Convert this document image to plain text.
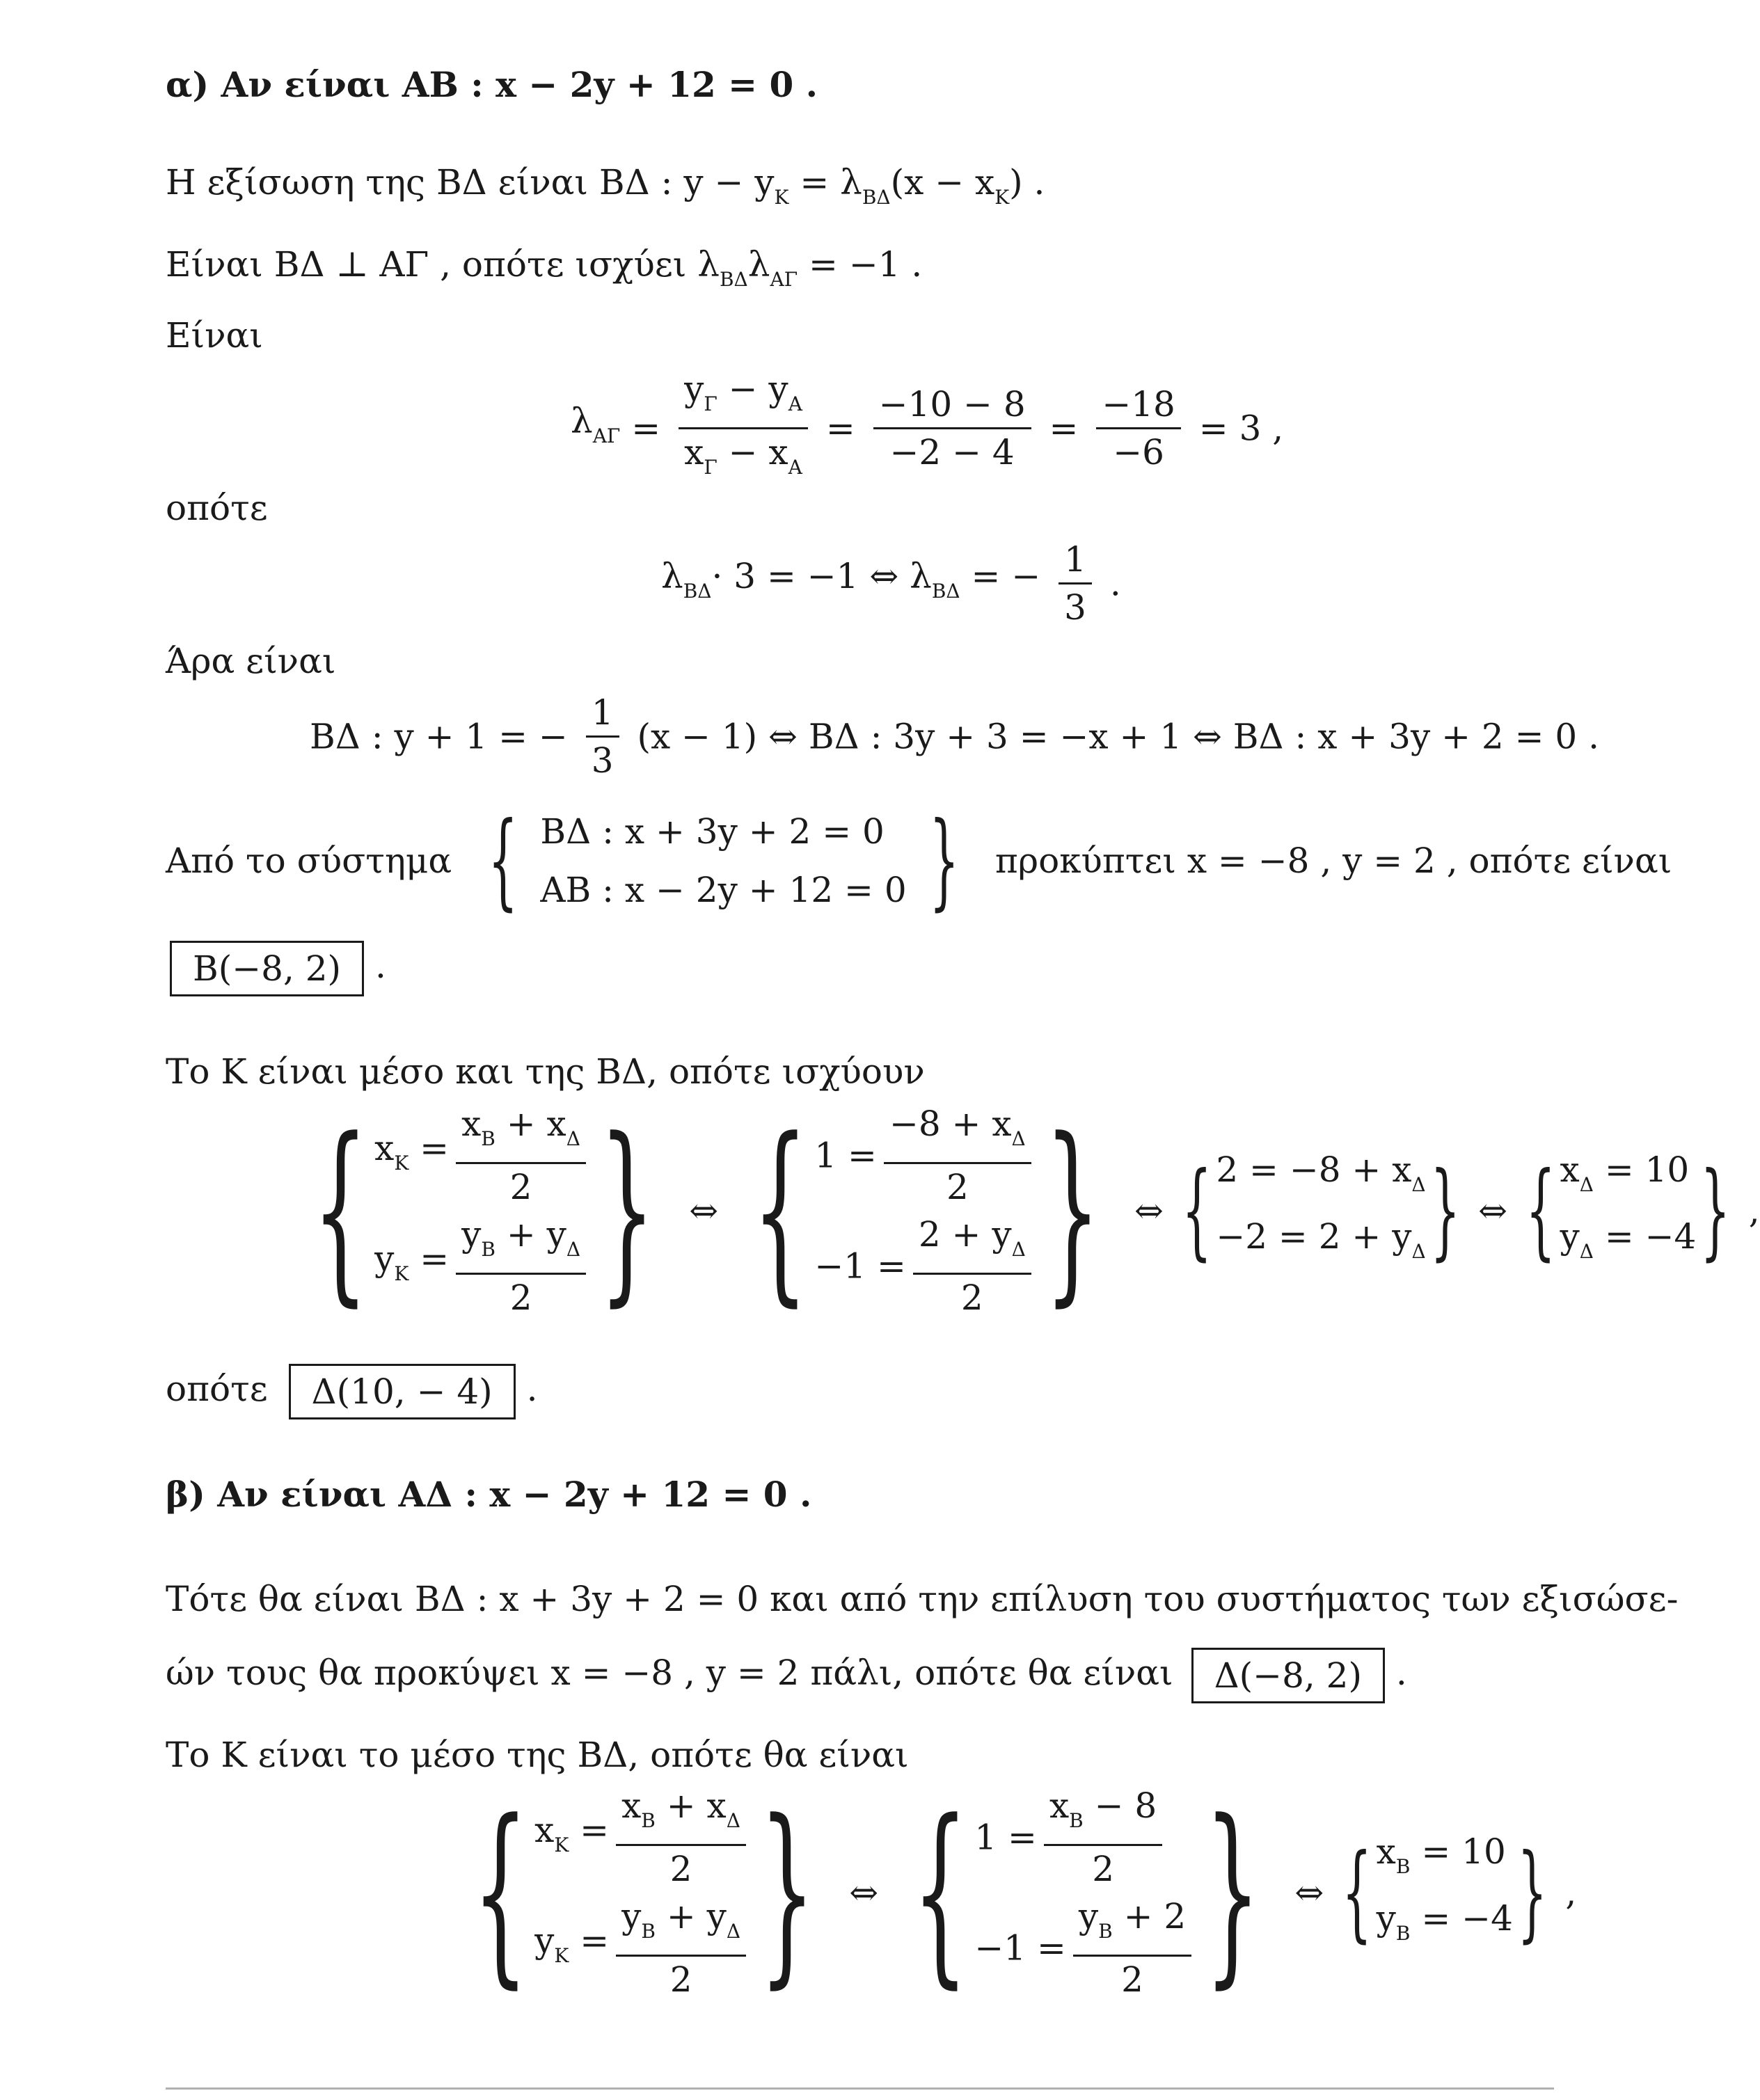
α) Αν είναι AB : x − 2y + 12 = 0 .
Η εξίσωση της ΒΔ είναι ΒΔ : $y - y_K = \lambda_{B\Delta}(x - x_K)$ .
Είναι ΒΔ ⊥ ΑΓ , οπότε ισχύει $\lambda_{B\Delta}\lambda_{A\Gamma} = -1$ .
Είναι
$\lambda_{A\Gamma} = \frac{y_\Gamma - y_A}{x_\Gamma - x_A} = \frac{-10 - 8}{-2 - 4} = \frac{-18}{-6} = 3$ ,
οπότε
$\lambda_{B\Delta}\cdot 3 = -1$ ⇔ $\lambda_{B\Delta}$ = − $\frac{1}{3}$ .
Άρα είναι
ΒΔ : y + 1 = − $\frac{1}{3} (x - 1)$ ⇔ ΒΔ : 3y + 3 = −x + 1 ⇔ ΒΔ : x + 3y + 2 = 0 .
Από το σύστημα { ΒΔ : x + 3y + 2 = 0
AB : x − 2y + 12 = 0 } προκύπτει x = −8 , y = 2 , οπότε είναι
B(−8, 2) .
Το Κ είναι μέσο και της ΒΔ, οπότε ισχύουν
{ $x_K = \frac{x_B + x_\Delta}{2}$
$y_K = \frac{y_B + y_\Delta}{2}$ } ⇔ { $1 = \frac{-8 + x_\Delta}{2}$
$-1 = \frac{2 + y_\Delta}{2}$ } ⇔ { $2 = -8 + x_\Delta$
$-2 = 2 + y_\Delta$ } ⇔ { $x_\Delta = 10$
$y_\Delta = -4$ } ,
οπότε Δ(10, − 4) .
β) Αν είναι ΑΔ : x − 2y + 12 = 0 .
Τότε θα είναι ΒΔ : x + 3y + 2 = 0 και από την επίλυση του συστήματος των εξισώσε-
ών τους θα προκύψει x = −8 , y = 2 πάλι, οπότε θα είναι Δ(−8, 2) .
Το Κ είναι το μέσο της ΒΔ, οπότε θα είναι
{ $x_K = \frac{x_B + x_\Delta}{2}$
$y_K = \frac{y_B + y_\Delta}{2}$ } ⇔ { $1 = \frac{x_B - 8}{2}$
$-1 = \frac{y_B + 2}{2}$ } ⇔ { $x_B = 10$
$y_B = -4$ } ,
